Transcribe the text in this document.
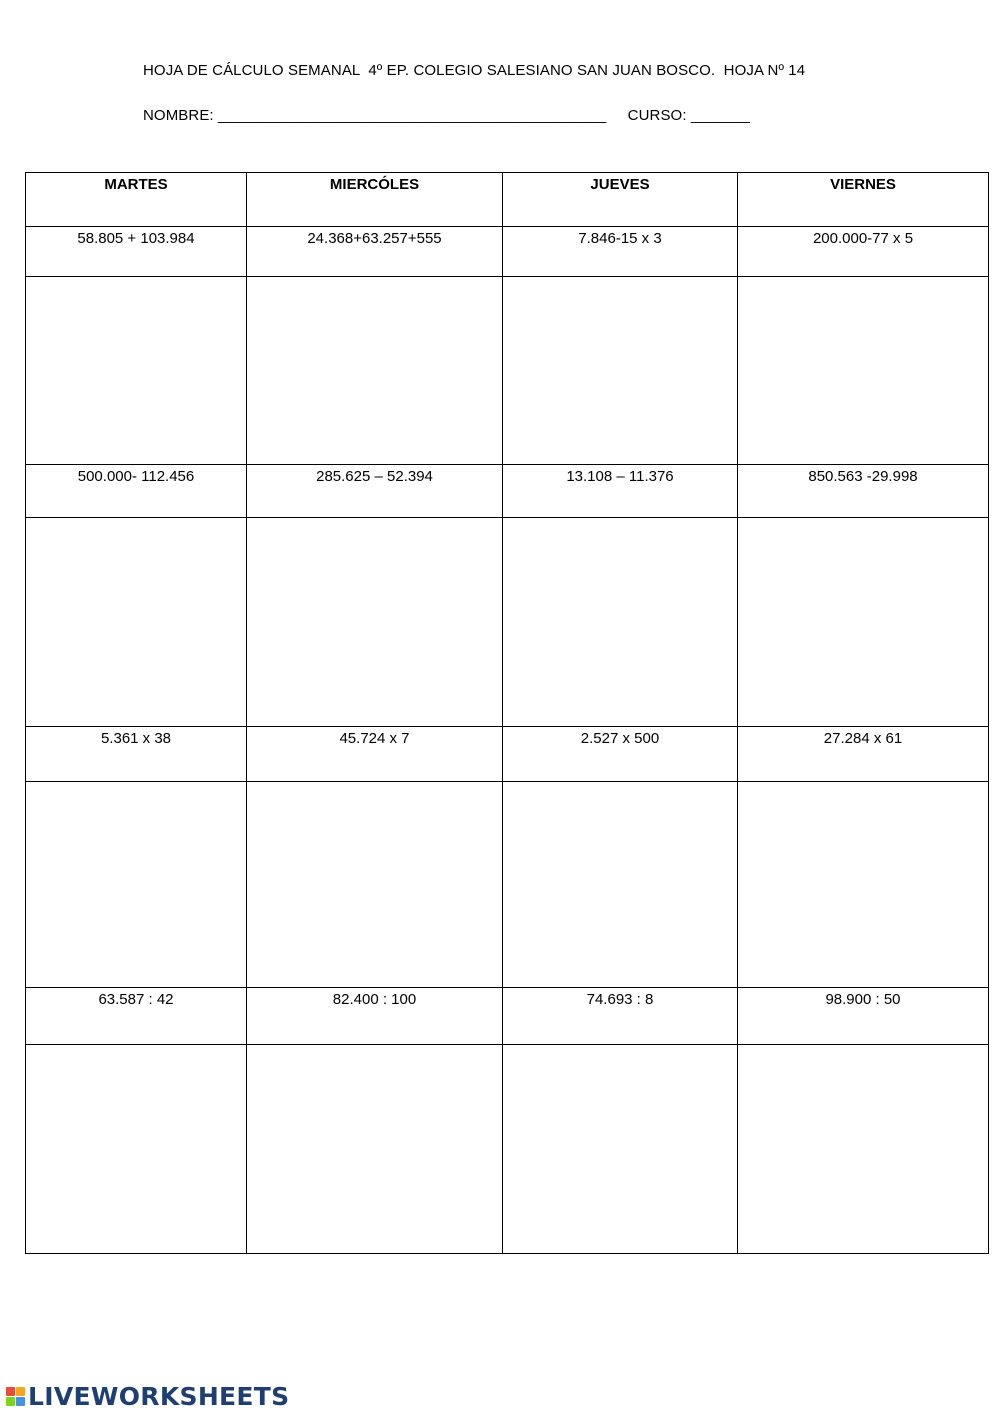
HOJA DE CÁLCULO SEMANAL  4º EP. COLEGIO SALESIANO SAN JUAN BOSCO.  HOJA Nº 14
NOMBRE: ______________________________________________     CURSO: _______
MARTES	MIERCÓLES	JUEVES	VIERNES
58.805 + 103.984	24.368+63.257+555	7.846-15 x 3	200.000-77 x 5

500.000- 112.456	285.625 – 52.394	13.108 – 11.376	850.563 -29.998

5.361 x 38	45.724 x 7	2.527 x 500	27.284 x 61

63.587 : 42	82.400 : 100	74.693 : 8	98.900 : 50

LIVEWORKSHEETS
